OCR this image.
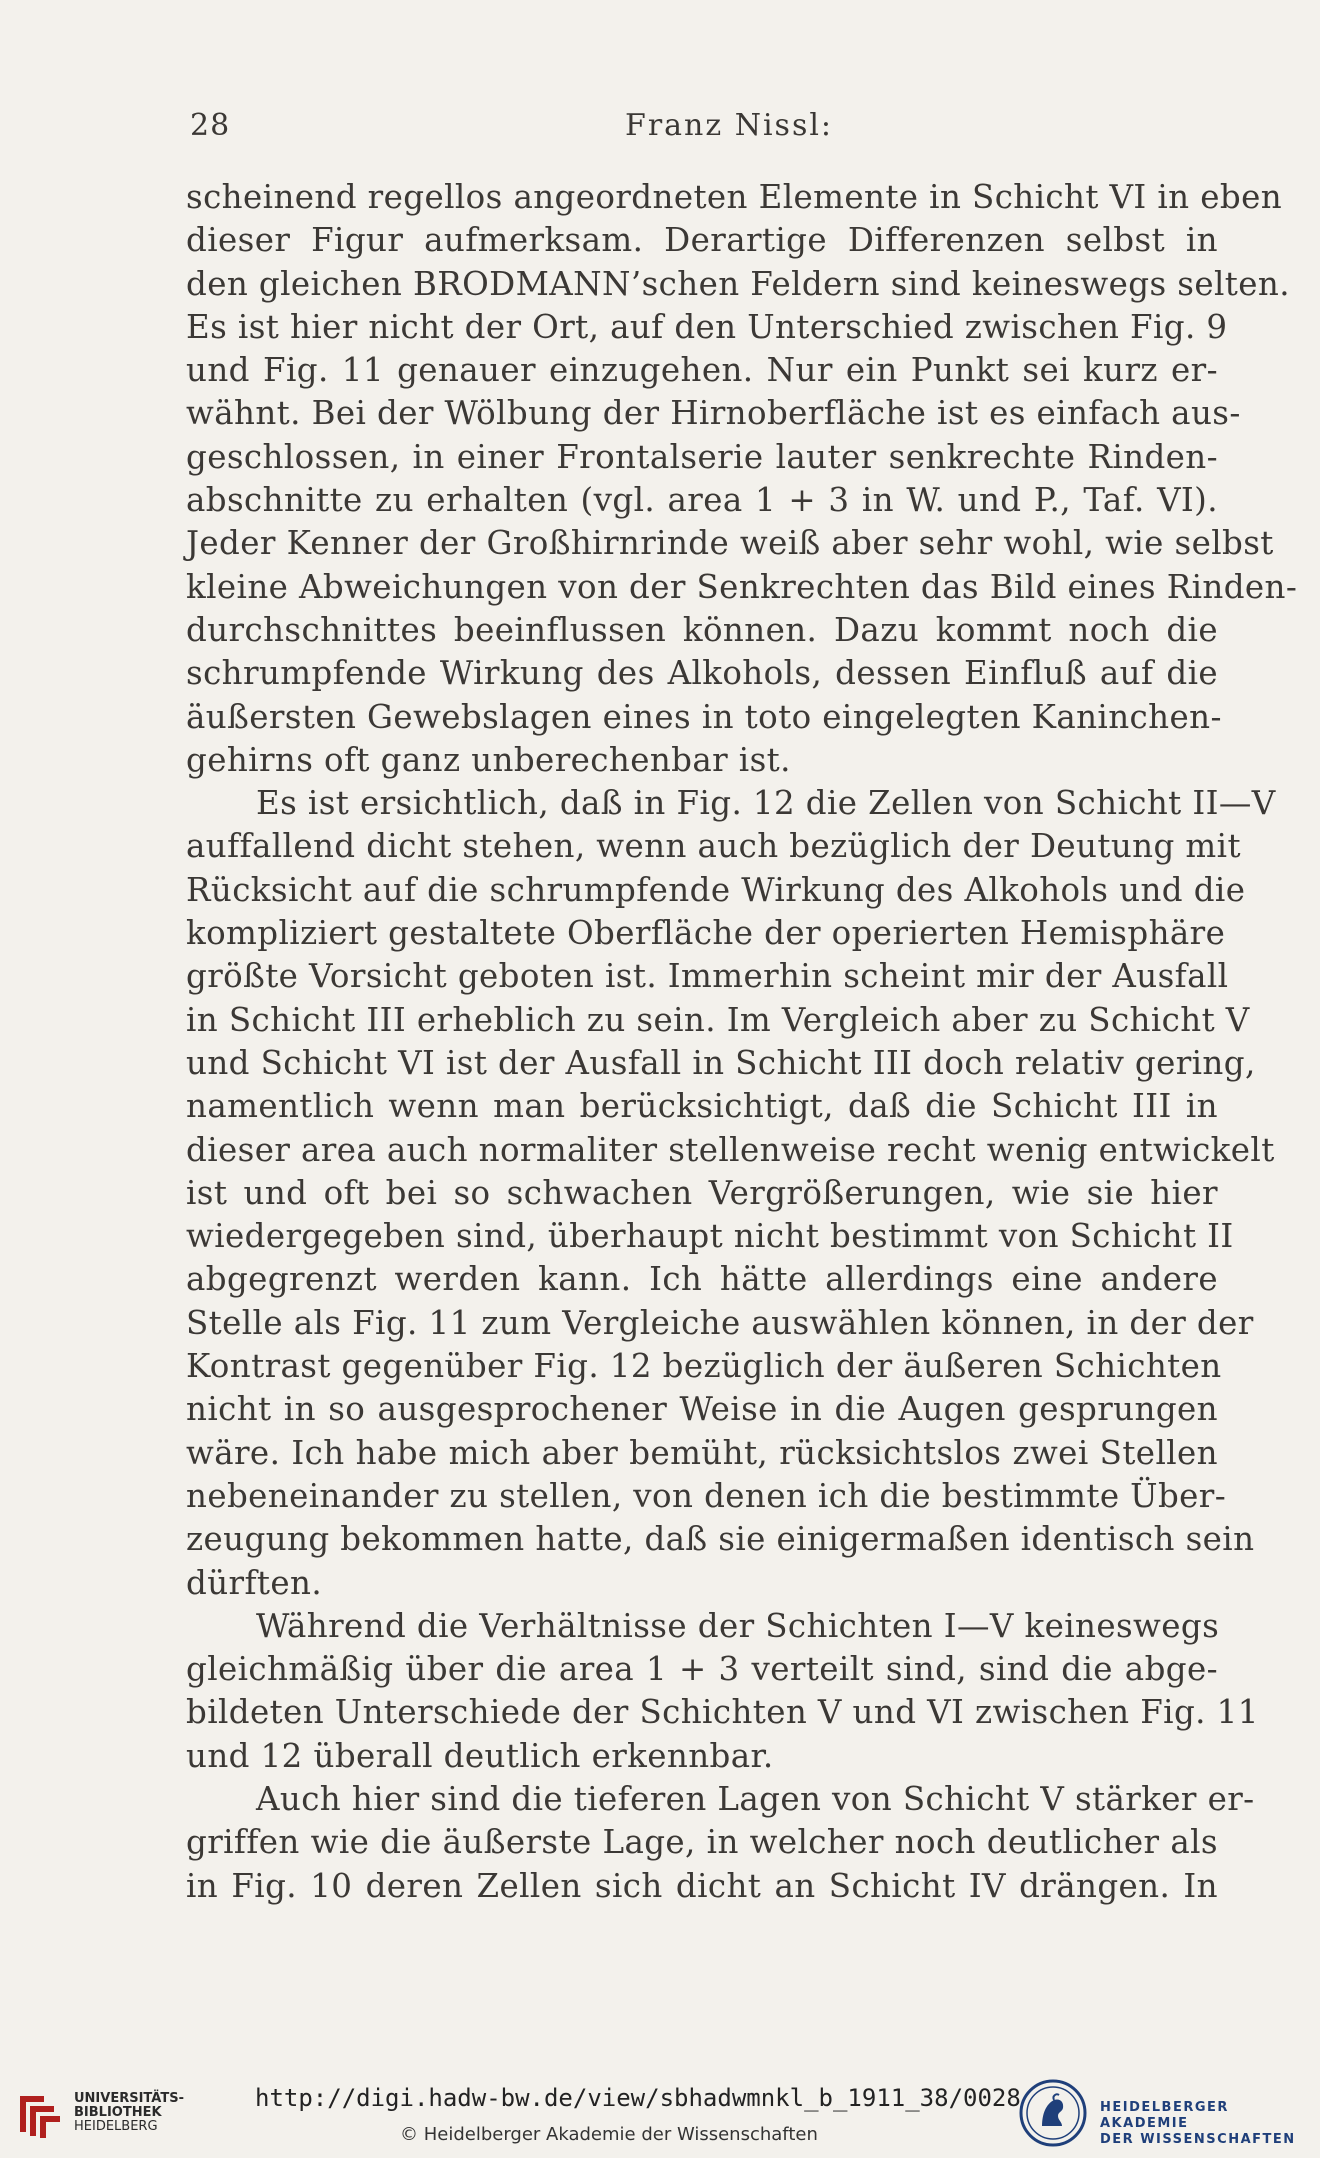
28	Franz Nissl:
scheinend regellos angeordneten Elemente in Schicht VI in eben
dieser Figur aufmerksam. Derartige Differenzen selbst in
den gleichen BRODMANN’schen Feldern sind keineswegs selten.
Es ist hier nicht der Ort, auf den Unterschied zwischen Fig. 9
und Fig. 11 genauer einzugehen. Nur ein Punkt sei kurz er-
wähnt. Bei der Wölbung der Hirnoberfläche ist es einfach aus-
geschlossen, in einer Frontalserie lauter senkrechte Rinden-
abschnitte zu erhalten (vgl. area 1 + 3 in W. und P., Taf. VI).
Jeder Kenner der Großhirnrinde weiß aber sehr wohl, wie selbst
kleine Abweichungen von der Senkrechten das Bild eines Rinden-
durchschnittes beeinflussen können. Dazu kommt noch die
schrumpfende Wirkung des Alkohols, dessen Einfluß auf die
äußersten Gewebslagen eines in toto eingelegten Kaninchen-
gehirns oft ganz unberechenbar ist.
Es ist ersichtlich, daß in Fig. 12 die Zellen von Schicht II—V
auffallend dicht stehen, wenn auch bezüglich der Deutung mit
Rücksicht auf die schrumpfende Wirkung des Alkohols und die
kompliziert gestaltete Oberfläche der operierten Hemisphäre
größte Vorsicht geboten ist. Immerhin scheint mir der Ausfall
in Schicht III erheblich zu sein. Im Vergleich aber zu Schicht V
und Schicht VI ist der Ausfall in Schicht III doch relativ gering,
namentlich wenn man berücksichtigt, daß die Schicht III in
dieser area auch normaliter stellenweise recht wenig entwickelt
ist und oft bei so schwachen Vergrößerungen, wie sie hier
wiedergegeben sind, überhaupt nicht bestimmt von Schicht II
abgegrenzt werden kann. Ich hätte allerdings eine andere
Stelle als Fig. 11 zum Vergleiche auswählen können, in der der
Kontrast gegenüber Fig. 12 bezüglich der äußeren Schichten
nicht in so ausgesprochener Weise in die Augen gesprungen
wäre. Ich habe mich aber bemüht, rücksichtslos zwei Stellen
nebeneinander zu stellen, von denen ich die bestimmte Über-
zeugung bekommen hatte, daß sie einigermaßen identisch sein
dürften.
Während die Verhältnisse der Schichten I—V keineswegs
gleichmäßig über die area 1 + 3 verteilt sind, sind die abge-
bildeten Unterschiede der Schichten V und VI zwischen Fig. 11
und 12 überall deutlich erkennbar.
Auch hier sind die tieferen Lagen von Schicht V stärker er-
griffen wie die äußerste Lage, in welcher noch deutlicher als
in Fig. 10 deren Zellen sich dicht an Schicht IV drängen. In
UNIVERSITÄTS-
BIBLIOTHEK
HEIDELBERG
http://digi.hadw-bw.de/view/sbhadwmnkl_b_1911_38/0028
© Heidelberger Akademie der Wissenschaften
HEIDELBERGER AKADEMIE
DER WISSENSCHAFTEN
